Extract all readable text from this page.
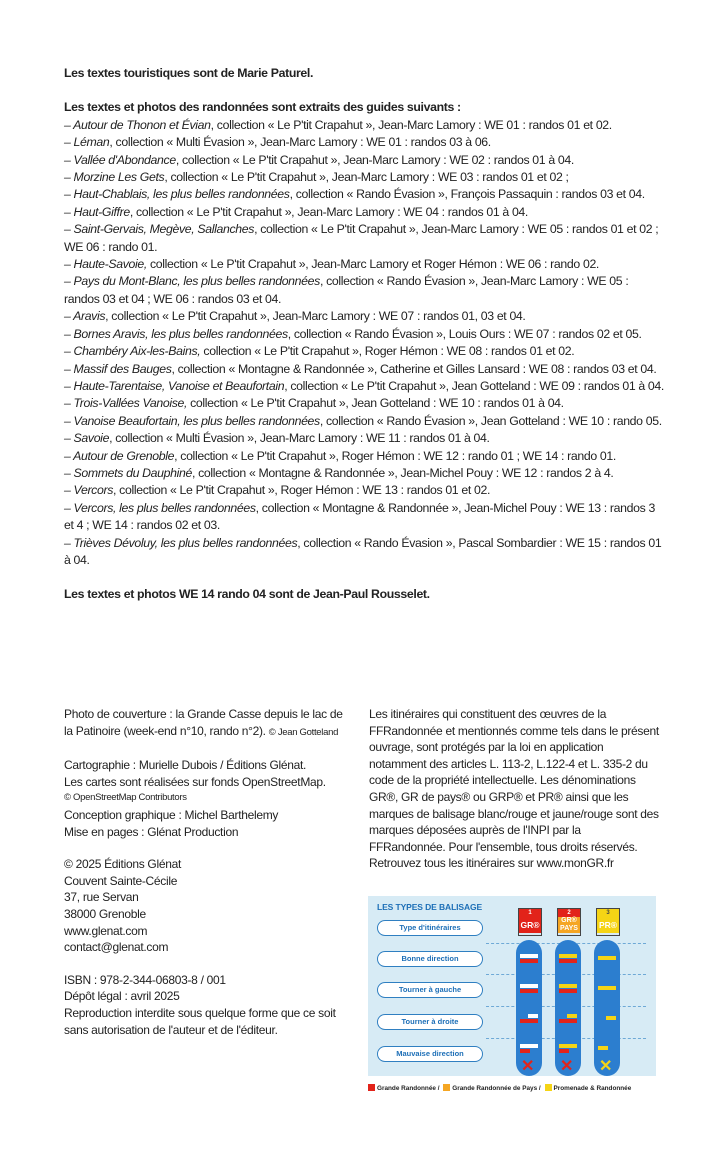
Les textes touristiques sont de Marie Paturel.
Les textes et photos des randonnées sont extraits des guides suivants :
– Autour de Thonon et Évian, collection « Le P'tit Crapahut », Jean-Marc Lamory : WE 01 : randos 01 et 02.
– Léman, collection « Multi Évasion », Jean-Marc Lamory : WE 01 : randos 03 à 06.
– Vallée d'Abondance, collection « Le P'tit Crapahut », Jean-Marc Lamory : WE 02 : randos 01 à 04.
– Morzine Les Gets, collection « Le P'tit Crapahut », Jean-Marc Lamory : WE 03 : randos 01 et 02 ;
– Haut-Chablais, les plus belles randonnées, collection « Rando Évasion », François Passaquin : randos 03 et 04.
– Haut-Giffre, collection « Le P'tit Crapahut », Jean-Marc Lamory : WE 04 : randos 01 à 04.
– Saint-Gervais, Megève, Sallanches, collection « Le P'tit Crapahut », Jean-Marc Lamory : WE 05 : randos 01 et 02 ; WE 06 : rando 01.
– Haute-Savoie, collection « Le P'tit Crapahut », Jean-Marc Lamory et Roger Hémon : WE 06 : rando 02.
– Pays du Mont-Blanc, les plus belles randonnées, collection « Rando Évasion », Jean-Marc Lamory : WE 05 : randos 03 et 04 ; WE 06 : randos 03 et 04.
– Aravis, collection « Le P'tit Crapahut », Jean-Marc Lamory : WE 07 : randos 01, 03 et 04.
– Bornes Aravis, les plus belles randonnées, collection « Rando Évasion », Louis Ours : WE 07 : randos 02 et 05.
– Chambéry Aix-les-Bains, collection « Le P'tit Crapahut », Roger Hémon : WE 08 : randos 01 et 02.
– Massif des Bauges, collection « Montagne & Randonnée », Catherine et Gilles Lansard : WE 08 : randos 03 et 04.
– Haute-Tarentaise, Vanoise et Beaufortain, collection « Le P'tit Crapahut », Jean Gotteland : WE 09 : randos 01 à 04.
– Trois-Vallées Vanoise, collection « Le P'tit Crapahut », Jean Gotteland : WE 10 : randos 01 à 04.
– Vanoise Beaufortain, les plus belles randonnées, collection « Rando Évasion », Jean Gotteland : WE 10 : rando 05.
– Savoie, collection « Multi Évasion », Jean-Marc Lamory : WE 11 : randos 01 à 04.
– Autour de Grenoble, collection « Le P'tit Crapahut », Roger Hémon : WE 12 : rando 01 ; WE 14 : rando 01.
– Sommets du Dauphiné, collection « Montagne & Randonnée », Jean-Michel Pouy : WE 12 : randos 2 à 4.
– Vercors, collection « Le P'tit Crapahut », Roger Hémon : WE 13 : randos 01 et 02.
– Vercors, les plus belles randonnées, collection « Montagne & Randonnée », Jean-Michel Pouy : WE 13 : randos 3 et 4 ; WE 14 : randos 02 et 03.
– Trièves Dévoluy, les plus belles randonnées, collection « Rando Évasion », Pascal Sombardier : WE 15 : randos 01 à 04.
Les textes et photos WE 14 rando 04 sont de Jean-Paul Rousselet.
Photo de couverture : la Grande Casse depuis le lac de la Patinoire (week-end n°10, rando n°2). © Jean Gotteland
Cartographie : Murielle Dubois / Éditions Glénat.
Les cartes sont réalisées sur fonds OpenStreetMap.
© OpenStreetMap Contributors
Conception graphique : Michel Barthelemy
Mise en pages : Glénat Production
© 2025 Éditions Glénat
Couvent Sainte-Cécile
37, rue Servan
38000 Grenoble
www.glenat.com
contact@glenat.com
ISBN : 978-2-344-06803-8 / 001
Dépôt légal : avril 2025
Reproduction interdite sous quelque forme que ce soit sans autorisation de l'auteur et de l'éditeur.
Les itinéraires qui constituent des œuvres de la FFRandonnée et mentionnés comme tels dans le présent ouvrage, sont protégés par la loi en application notamment des articles L. 113-2, L.122-4 et L. 335-2 du code de la propriété intellectuelle. Les dénominations GR®, GR de pays® ou GRP® et PR® ainsi que les marques de balisage blanc/rouge et jaune/rouge sont des marques déposées auprès de l'INPI par la FFRandonnée. Pour l'ensemble, tous droits réservés. Retrouvez tous les itinéraires sur www.monGR.fr
LES TYPES DE BALISAGE
Type d'itinéraires
Bonne direction
Tourner à gauche
Tourner à droite
Mauvaise direction
1
GR®
2
GR® PAYS
3
PR®
✕ ✕ ✕
Grande Randonnée / Grande Randonnée de Pays / Promenade & Randonnée
